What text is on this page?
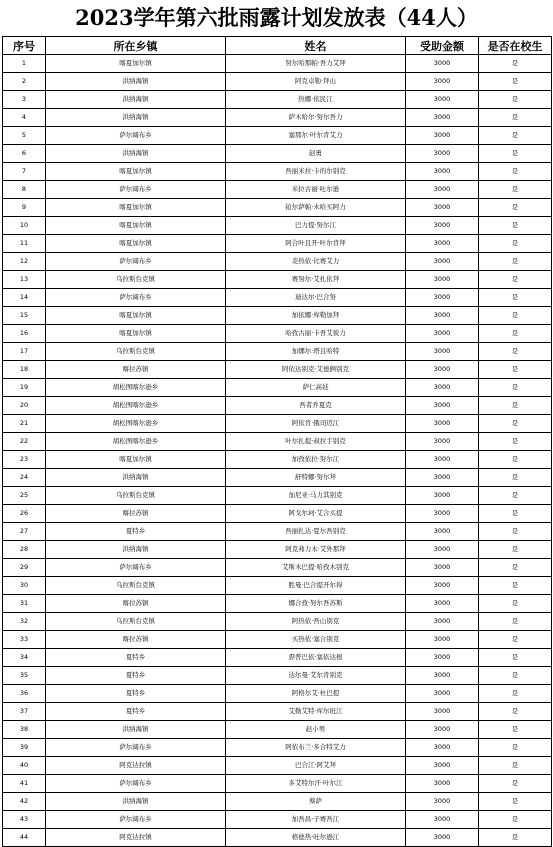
2023学年第六批雨露计划发放表（44人）
序号	所在乡镇	姓名	受助金额	是否在校生
1	喀夏加尔镇	努尔哈那帕·吾力艾拜	3000	是
2	洪纳海镇	阿克卓勒·拜山	3000	是
3	洪纳海镇	热娜·依民江	3000	是
4	洪纳海镇	萨木哈尔·努尔吾力	3000	是
5	萨尔阔布乡	塞那尔·叶尔肯艾力	3000	是
6	洪纳海镇	赵勇	3000	是
7	喀夏加尔镇	吾丽米拉·卡的尔别克	3000	是
8	萨尔阔布乡	米拉古丽·吐尔逊	3000	是
9	喀夏加尔镇	铂尔萨帕·木哈买阿力	3000	是
10	喀夏加尔镇	巴力提·努尔江	3000	是
11	喀夏加尔镇	阿合叶且开·叶尔肯拜	3000	是
12	萨尔阔布乡	麦热依·比赛艾力	3000	是
13	乌拉斯台克镇	赛努尔·艾扎依拜	3000	是
14	萨尔阔布乡	迪达尔·巴合努	3000	是
15	喀夏加尔镇	加依娜·库勒加拜	3000	是
16	喀夏加尔镇	哈孜古丽·卡吾艾彼力	3000	是
17	乌拉斯台克镇	加娜尔·塔且哈特	3000	是
18	喀拉苏镇	阿依达别克·艾德俩别克	3000	是
19	胡松图喀尔逊乡	萨仁高娃	3000	是
20	胡松图喀尔逊乡	吾者乔夏克	3000	是
21	胡松图喀尔逊乡	阿依肯·俄司迈江	3000	是
22	胡松图喀尔逊乡	叶尔扎提·叔拉手别克	3000	是
23	喀夏加尔镇	加孜依拉·努尔江	3000	是
24	洪纳海镇	舒特娜·努尔拜	3000	是
25	乌拉斯台克镇	加尼亚·马力其别克	3000	是
26	喀拉苏镇	阿戈尔珂·艾合买提	3000	是
27	夏特乡	吾丽扎达·夏尔吾别克	3000	是
28	洪纳海镇	阿克弗力木·艾外那拜	3000	是
29	萨尔阔布乡	艾斯木巴提·哈孜木别克	3000	是
30	乌拉斯台克镇	胜曼·巴合提开尔得	3000	是
31	喀拉苏镇	娜合孜·努尔吾苏斯	3000	是
32	乌拉斯台克镇	阿热依·吾山别克	3000	是
33	喀拉苏镇	买热依·塞合别克	3000	是
34	夏特乡	孬普巴依·塞依达根	3000	是
35	夏特乡	达尔曼·艾尔肯别克	3000	是
36	夏特乡	阿格尔艾·杜巴提	3000	是
37	夏特乡	艾勤艾特·库尔班江	3000	是
38	洪纳海镇	赵小男	3000	是
39	萨尔阔布乡	阿依布兰·多合特艾力	3000	是
40	阿克达拉镇	巴合江·阿艾拜	3000	是
41	萨尔阔布乡	多艾特尔汗·叶尔江	3000	是
42	洪纳海镇	蔡萨	3000	是
43	萨尔阔布乡	加吾昌·子赛吾江	3000	是
44	阿克达拉镇	格德热·吐尔逊江	3000	是
